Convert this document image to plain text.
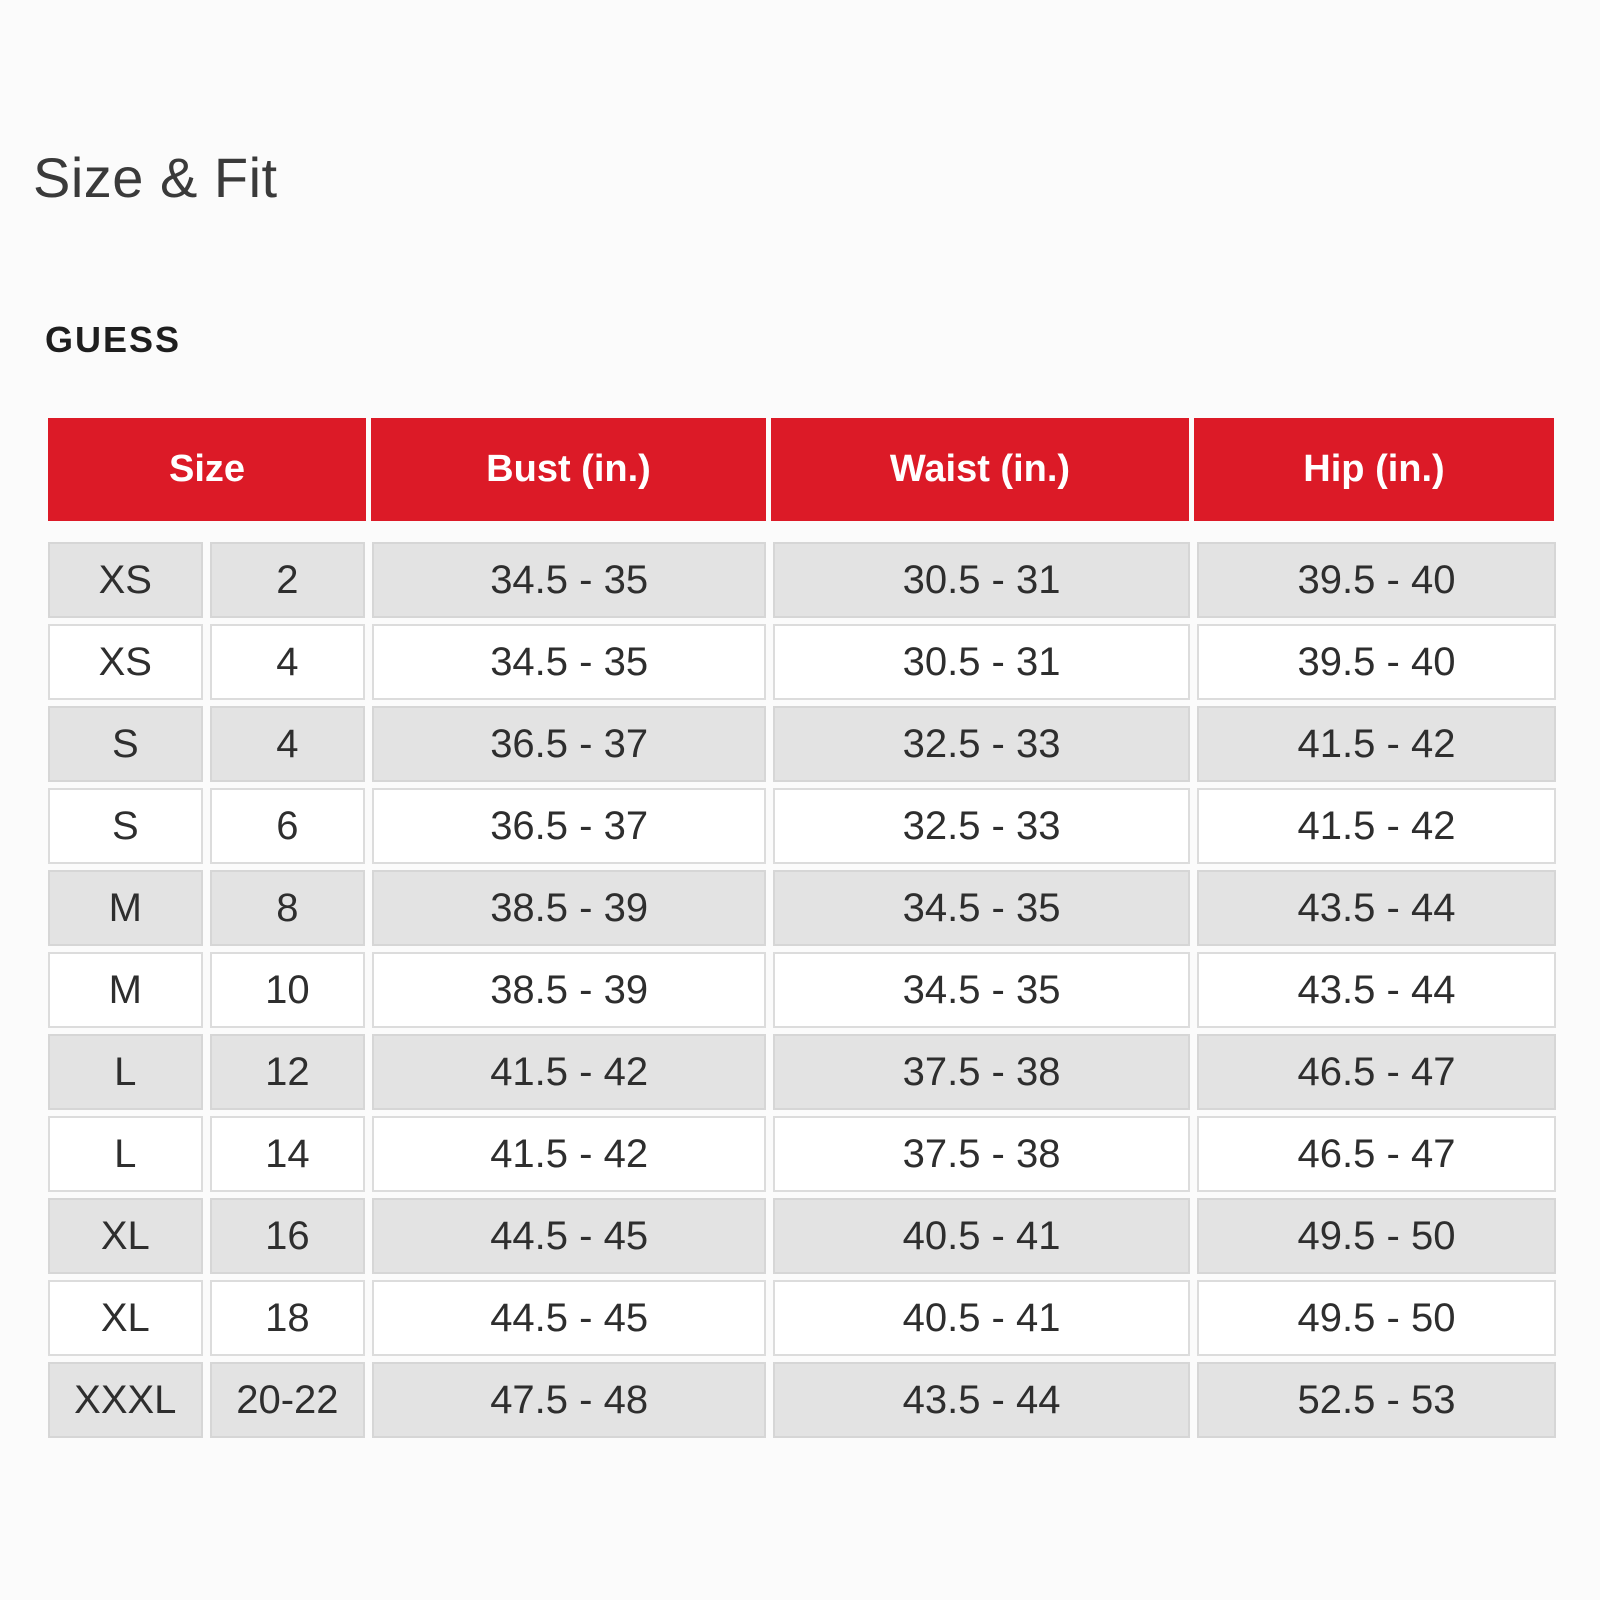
Size & Fit
GUESS
Size	Bust (in.)	Waist (in.)	Hip (in.)
XS	2	34.5 - 35	30.5 - 31	39.5 - 40
XS	4	34.5 - 35	30.5 - 31	39.5 - 40
S	4	36.5 - 37	32.5 - 33	41.5 - 42
S	6	36.5 - 37	32.5 - 33	41.5 - 42
M	8	38.5 - 39	34.5 - 35	43.5 - 44
M	10	38.5 - 39	34.5 - 35	43.5 - 44
L	12	41.5 - 42	37.5 - 38	46.5 - 47
L	14	41.5 - 42	37.5 - 38	46.5 - 47
XL	16	44.5 - 45	40.5 - 41	49.5 - 50
XL	18	44.5 - 45	40.5 - 41	49.5 - 50
XXXL	20-22	47.5 - 48	43.5 - 44	52.5 - 53
